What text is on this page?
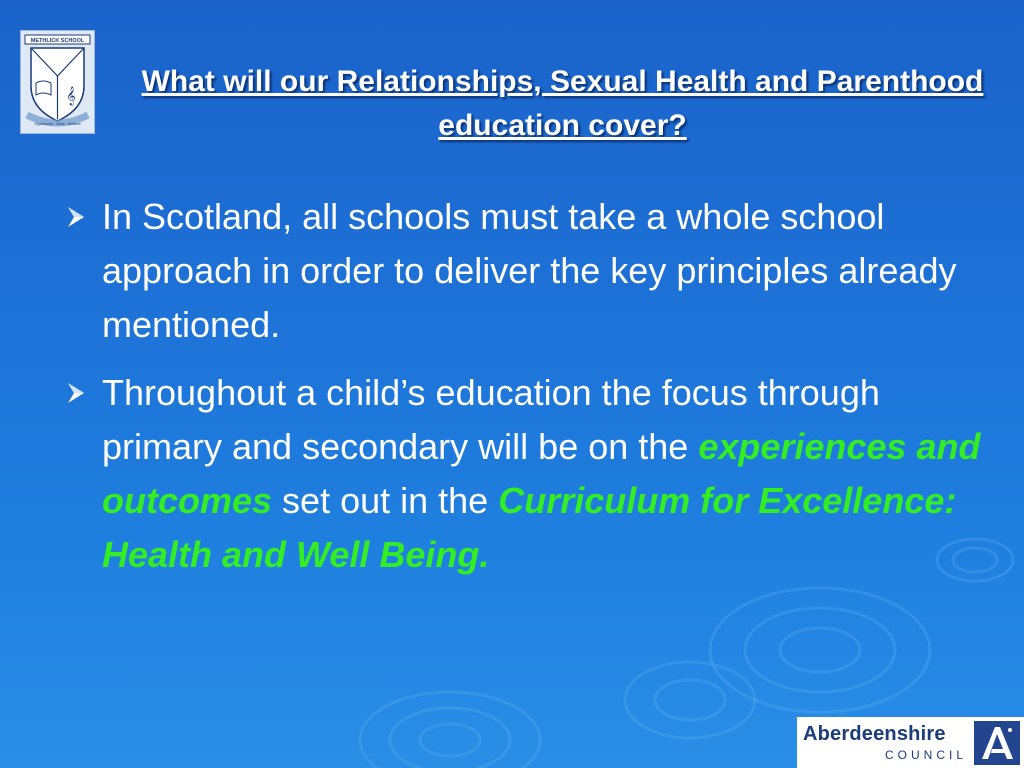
METHLICK SCHOOL
𝄞
Opportunity · Value · Achieve
What will our Relationships, Sexual Health and Parenthood education cover?
In Scotland, all schools must take a whole school approach in order to deliver the key principles already mentioned.
Throughout a child’s education the focus through primary and secondary will be on the experiences and outcomes set out in the Curriculum for Excellence: Health and Well Being.
Aberdeenshire
COUNCIL
